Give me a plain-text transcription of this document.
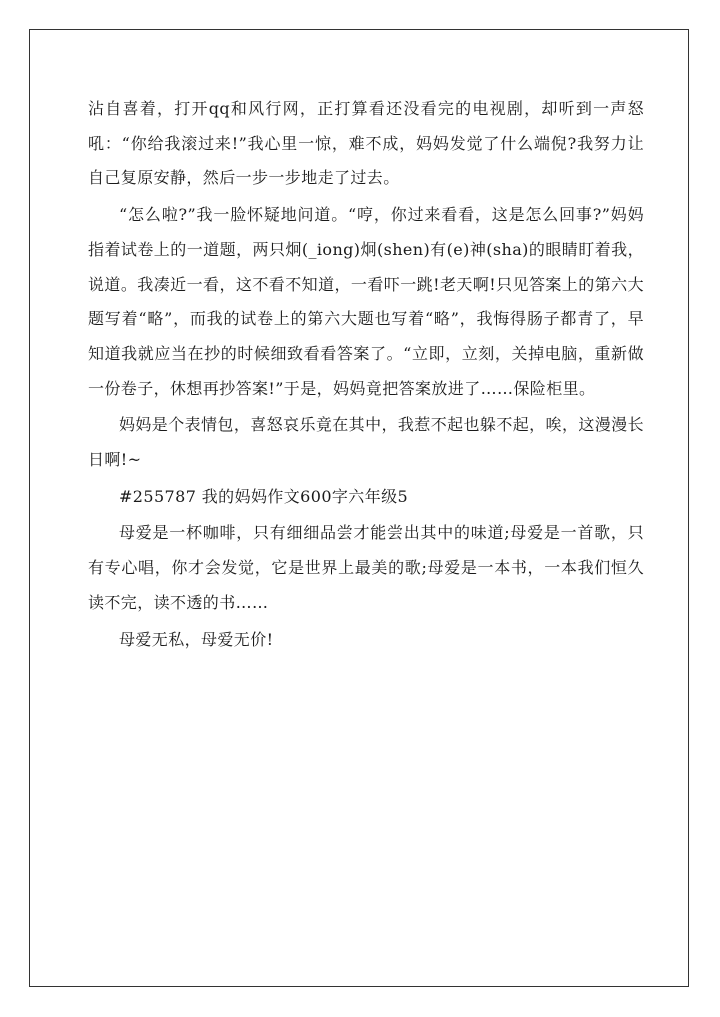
沾自喜着，打开qq和风行网，正打算看还没看完的电视剧，却听到一声怒吼：“你给我滚过来!”我心里一惊，难不成，妈妈发觉了什么端倪?我努力让自己复原安静，然后一步一步地走了过去。

“怎么啦?”我一脸怀疑地问道。“哼，你过来看看，这是怎么回事?”妈妈指着试卷上的一道题，两只炯(_iong)炯(shen)有(e)神(sha)的眼睛盯着我，说道。我凑近一看，这不看不知道，一看吓一跳!老天啊!只见答案上的第六大题写着“略”，而我的试卷上的第六大题也写着“略”，我悔得肠子都青了，早知道我就应当在抄的时候细致看看答案了。“立即，立刻，关掉电脑，重新做一份卷子，休想再抄答案!”于是，妈妈竟把答案放进了……保险柜里。

妈妈是个表情包，喜怒哀乐竟在其中，我惹不起也躲不起，唉，这漫漫长日啊!~

#255787 我的妈妈作文600字六年级5

母爱是一杯咖啡，只有细细品尝才能尝出其中的味道;母爱是一首歌，只有专心唱，你才会发觉，它是世界上最美的歌;母爱是一本书，一本我们恒久读不完，读不透的书……

母爱无私，母爱无价!
